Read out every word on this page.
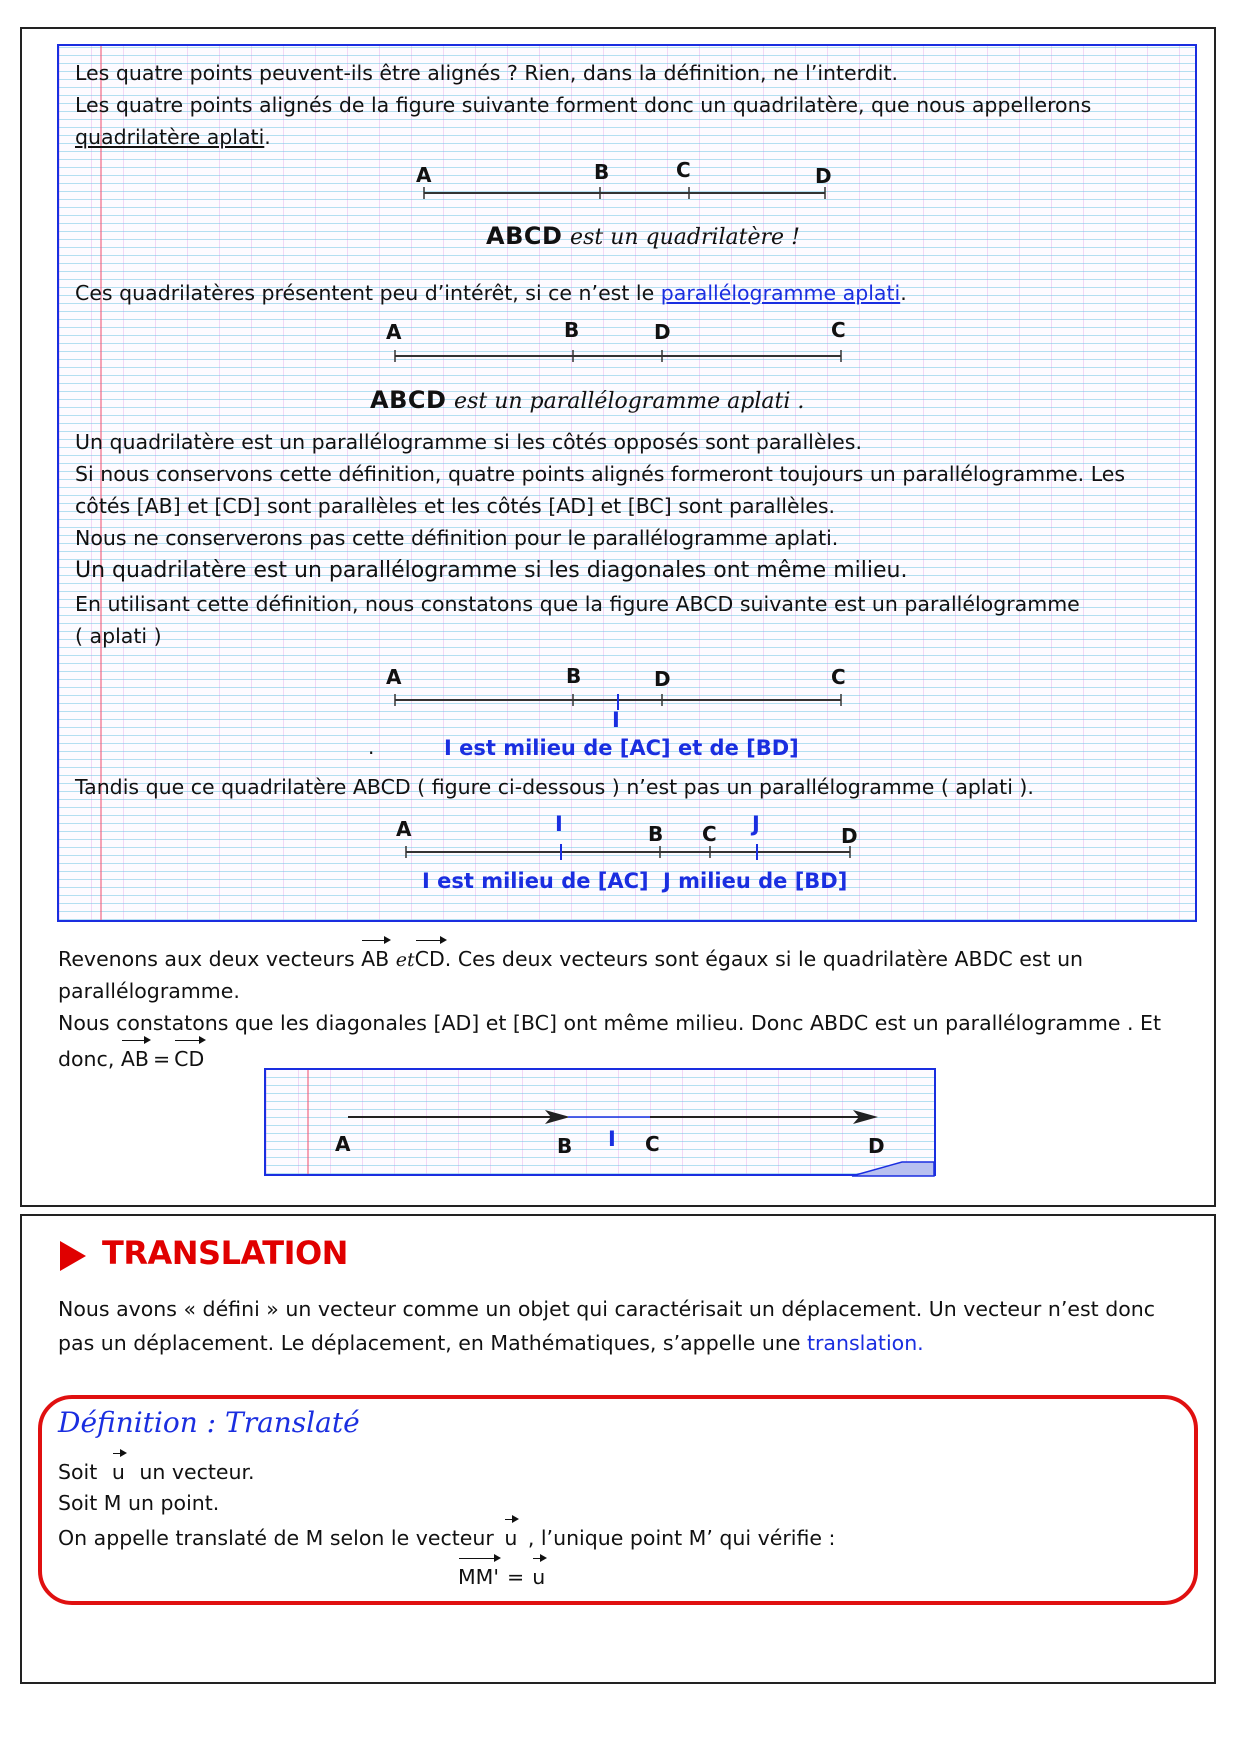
Les quatre points peuvent-ils être alignés ? Rien, dans la définition, ne l’interdit.
Les quatre points alignés de la figure suivante forment donc un quadrilatère, que nous appellerons
quadrilatère aplati.
A	B	C	D
ABCD est un quadrilatère !
Ces quadrilatères présentent peu d’intérêt, si ce n’est le parallélogramme aplati.
A	B	D	C
ABCD est un parallélogramme aplati .
Un quadrilatère est un parallélogramme si les côtés opposés sont parallèles.
Si nous conservons cette définition, quatre points alignés formeront toujours un parallélogramme. Les
côtés [AB] et [CD] sont parallèles et les côtés [AD] et [BC] sont parallèles.
Nous ne conserverons pas cette définition pour le parallélogramme aplati.
Un quadrilatère est un parallélogramme si les diagonales ont même milieu.
En utilisant cette définition, nous constatons que la figure ABCD suivante est un parallélogramme
( aplati )
A	B	D	C
I
.	I est milieu de [AC] et de [BD]
Tandis que ce quadrilatère ABCD ( figure ci-dessous ) n’est pas un parallélogramme ( aplati ).
A	I	B C J	D
I est milieu de [AC] J milieu de [BD]
Revenons aux deux vecteurs AB etCD. Ces deux vecteurs sont égaux si le quadrilatère ABDC est un
parallélogramme.
Nous constatons que les diagonales [AD] et [BC] ont même milieu. Donc ABDC est un parallélogramme . Et
donc, AB = CD
A	B I C	D
TRANSLATION
Nous avons « défini » un vecteur comme un objet qui caractérisait un déplacement. Un vecteur n’est donc
pas un déplacement. Le déplacement, en Mathématiques, s’appelle une translation.
Définition : Translaté
Soit u un vecteur.
Soit M un point.
On appelle translaté de M selon le vecteur u , l’unique point M’ qui vérifie :
MM' = u
